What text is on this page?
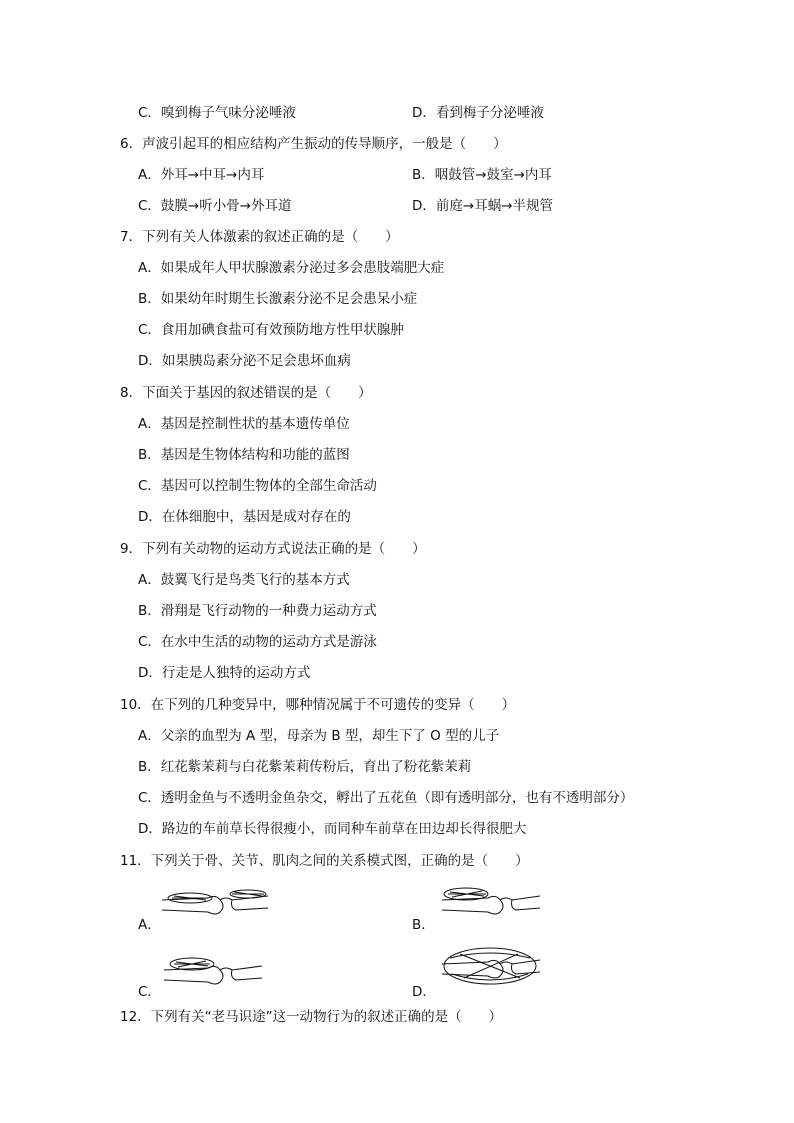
C．嗅到梅子气味分泌唾液	D．看到梅子分泌唾液
6．声波引起耳的相应结构产生振动的传导顺序，一般是（　　）
A．外耳→中耳→内耳	B．咽鼓管→鼓室→内耳
C．鼓膜→听小骨→外耳道	D．前庭→耳蜗→半规管
7．下列有关人体激素的叙述正确的是（　　）
A．如果成年人甲状腺激素分泌过多会患肢端肥大症
B．如果幼年时期生长激素分泌不足会患呆小症
C．食用加碘食盐可有效预防地方性甲状腺肿
D．如果胰岛素分泌不足会患坏血病
8．下面关于基因的叙述错误的是（　　）
A．基因是控制性状的基本遗传单位
B．基因是生物体结构和功能的蓝图
C．基因可以控制生物体的全部生命活动
D．在体细胞中，基因是成对存在的
9．下列有关动物的运动方式说法正确的是（　　）
A．鼓翼飞行是鸟类飞行的基本方式
B．滑翔是飞行动物的一种费力运动方式
C．在水中生活的动物的运动方式是游泳
D．行走是人独特的运动方式
10．在下列的几种变异中，哪种情况属于不可遗传的变异（　　）
A．父亲的血型为 A 型，母亲为 B 型，却生下了 O 型的儿子
B．红花紫茉莉与白花紫茉莉传粉后，育出了粉花紫茉莉
C．透明金鱼与不透明金鱼杂交，孵出了五花鱼（即有透明部分，也有不透明部分）
D．路边的车前草长得很瘦小，而同种车前草在田边却长得很肥大
11．下列关于骨、关节、肌肉之间的关系模式图，正确的是（　　）
A．	B．
C．	D．
12．下列有关“老马识途”这一动物行为的叙述正确的是（　　）
